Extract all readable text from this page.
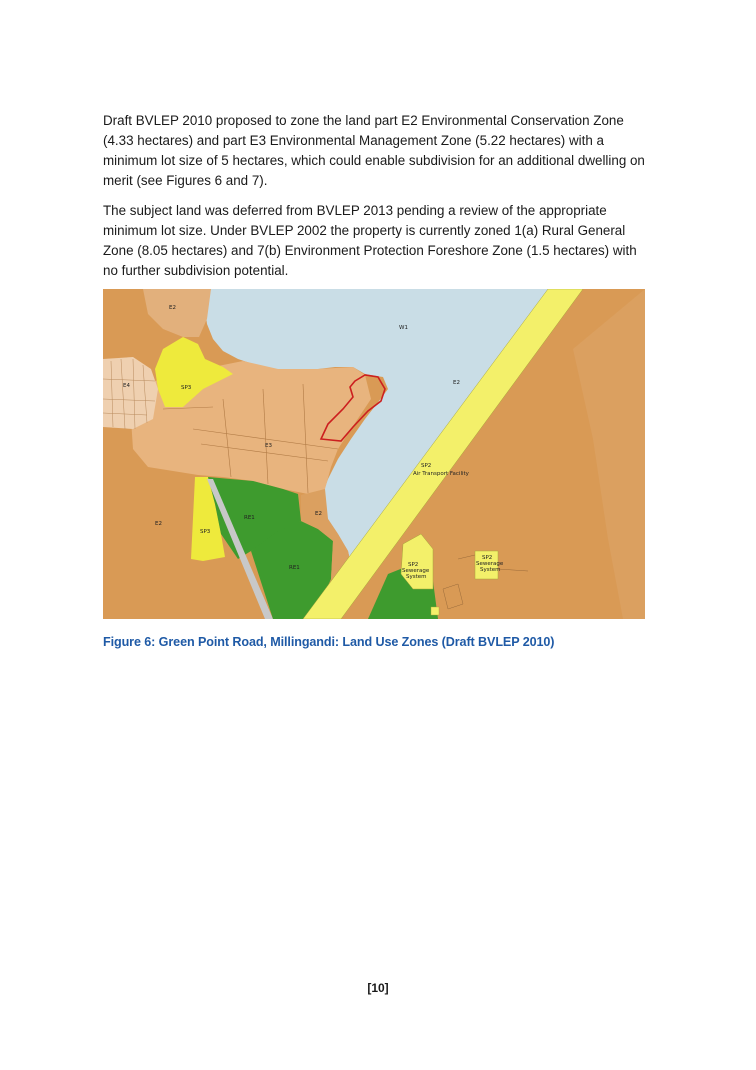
Draft BVLEP 2010 proposed to zone the land part E2 Environmental Conservation Zone (4.33 hectares) and part E3 Environmental Management Zone (5.22 hectares) with a minimum lot size of 5 hectares, which could enable subdivision for an additional dwelling on merit (see Figures 6 and 7).

The subject land was deferred from BVLEP 2013 pending a review of the appropriate minimum lot size. Under BVLEP 2002 the property is currently zoned 1(a) Rural General Zone (8.05 hectares) and 7(b) Environment Protection Foreshore Zone (1.5 hectares) with no further subdivision potential.

E2
W1
E4	SP3
E2
E3
SP2
Air Transport Facility
RE1
E2
E2
SP3
RE1	SP2
Sewerage
System
SP2
Sewerage
System
Figure 6: Green Point Road, Millingandi: Land Use Zones (Draft BVLEP 2010)
[10]
